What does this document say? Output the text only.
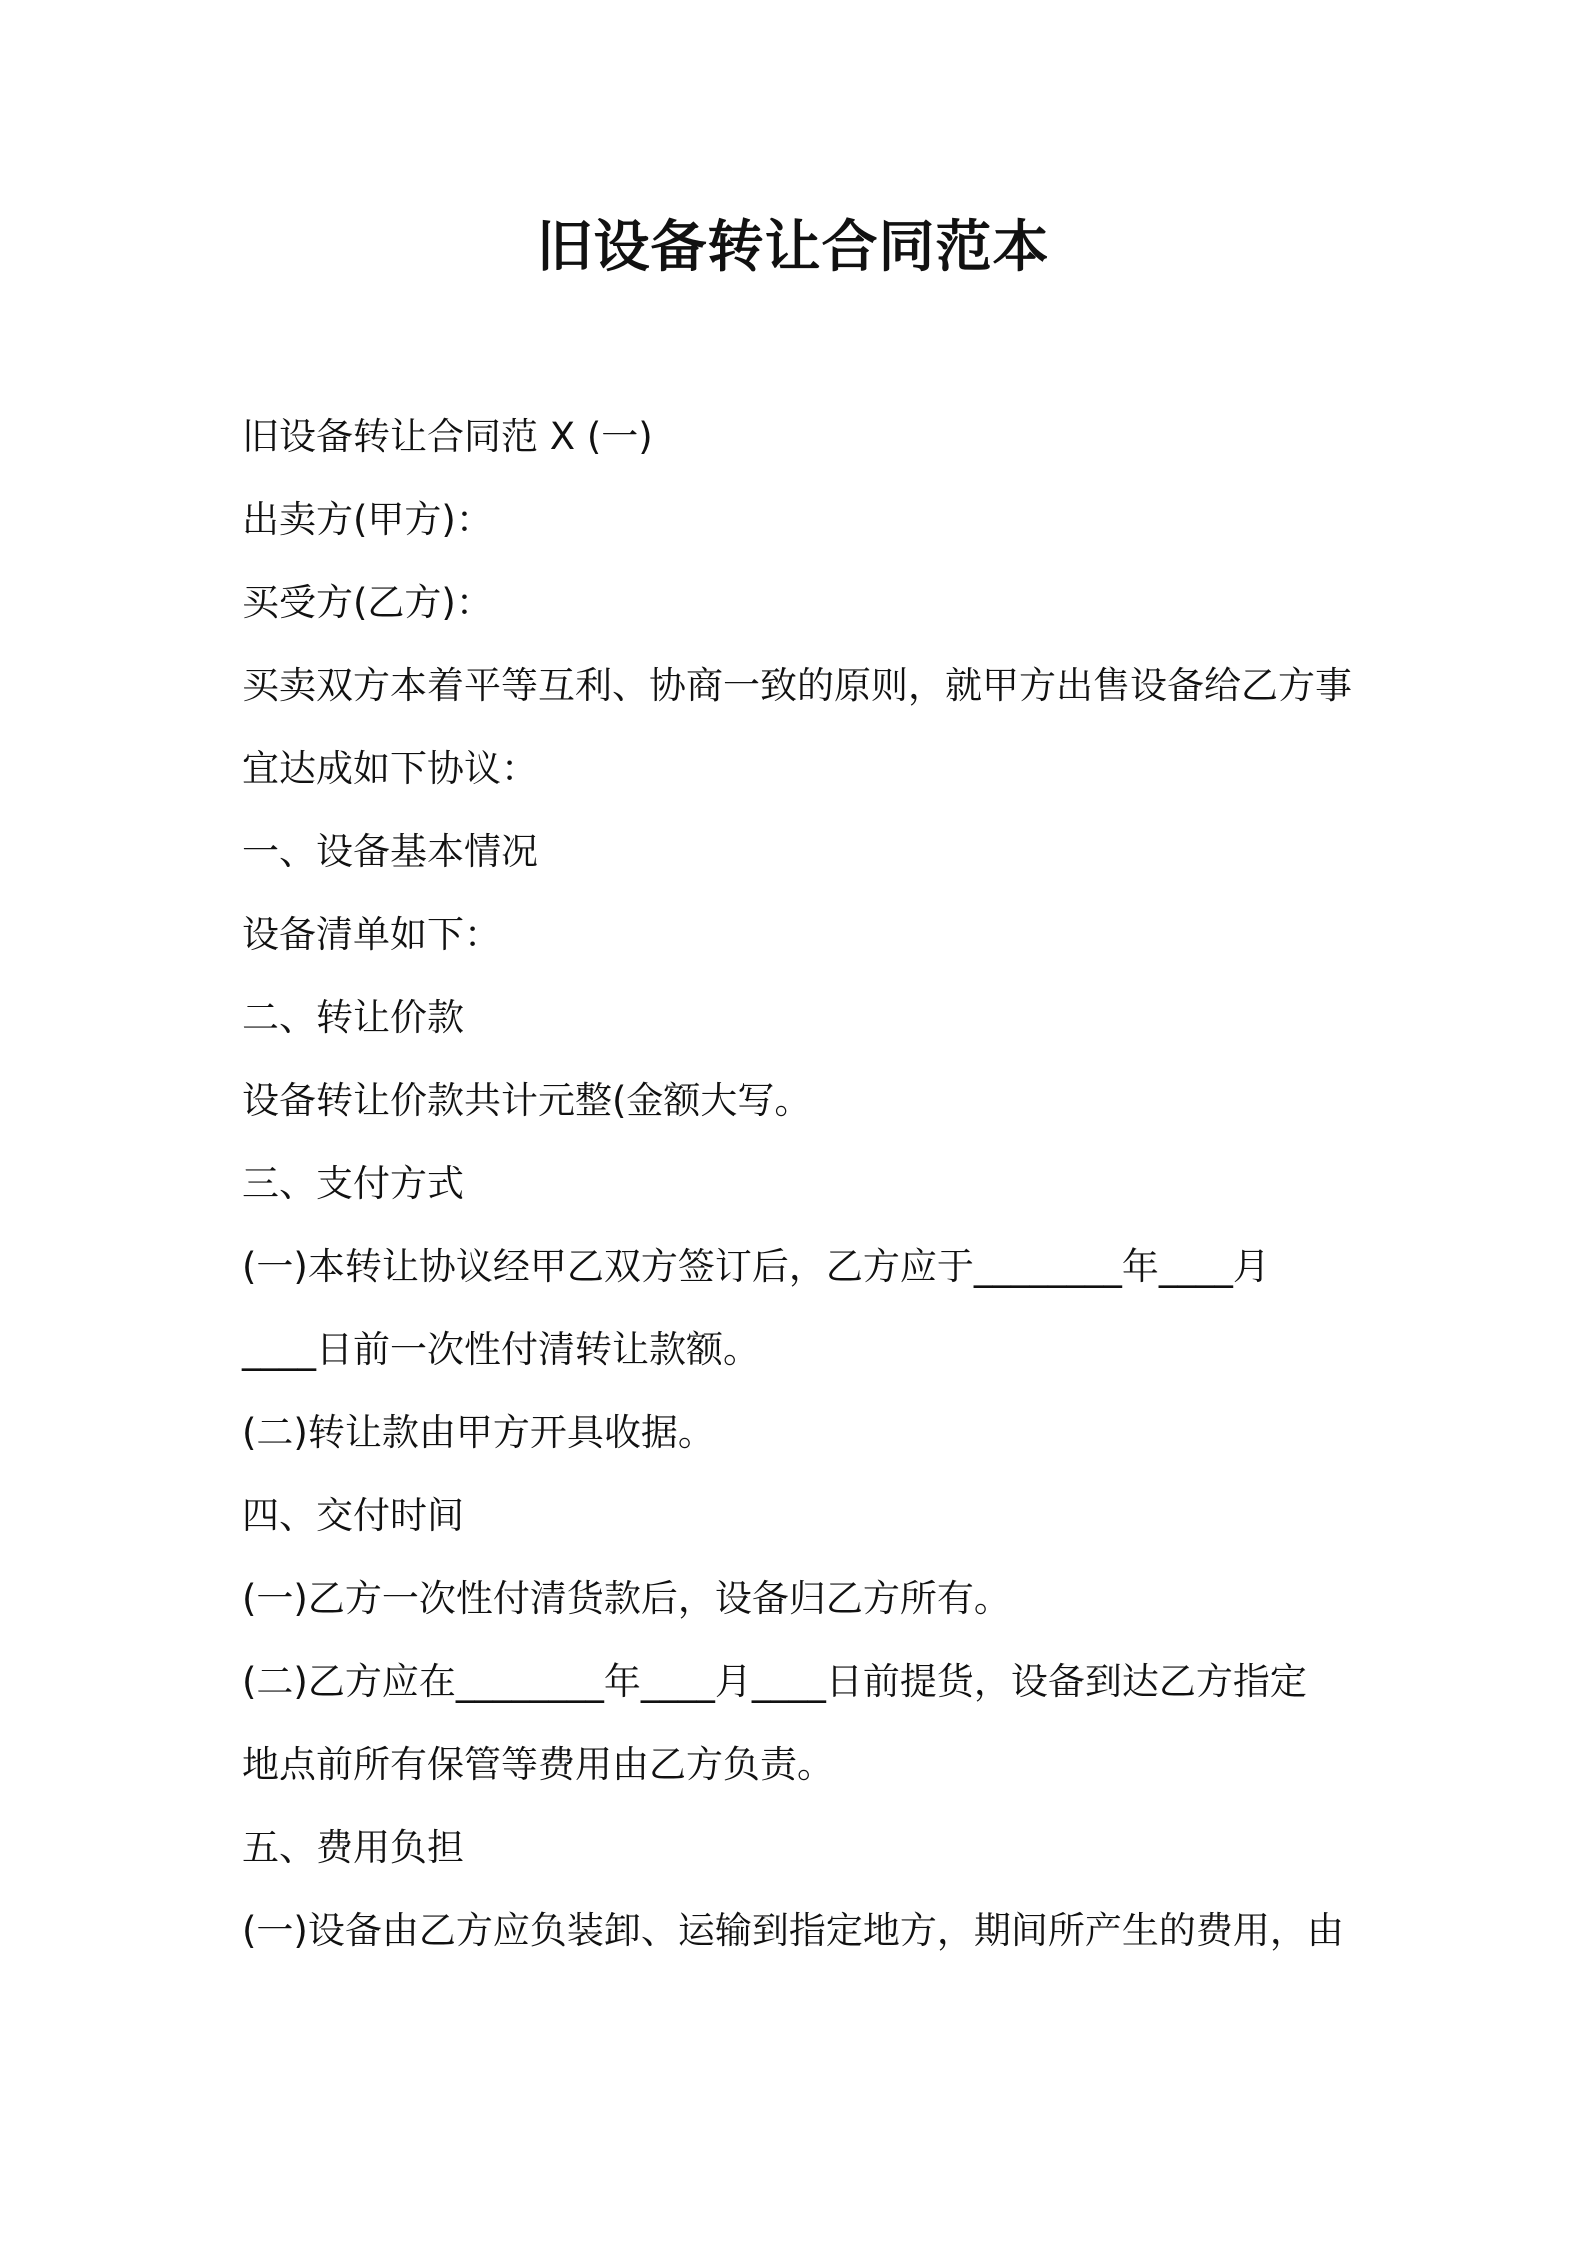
旧设备转让合同范本

旧设备转让合同范 X (一)

出卖方(甲方)：

买受方(乙方)：

买卖双方本着平等互利、协商一致的原则，就甲方出售设备给乙方事

宜达成如下协议：

一、设备基本情况

设备清单如下：

二、转让价款

设备转让价款共计元整(金额大写。

三、支付方式

(一)本转让协议经甲乙双方签订后，乙方应于________年____月

____日前一次性付清转让款额。

(二)转让款由甲方开具收据。

四、交付时间

(一)乙方一次性付清货款后，设备归乙方所有。

(二)乙方应在________年____月____日前提货，设备到达乙方指定

地点前所有保管等费用由乙方负责。

五、费用负担

(一)设备由乙方应负装卸、运输到指定地方，期间所产生的费用，由
